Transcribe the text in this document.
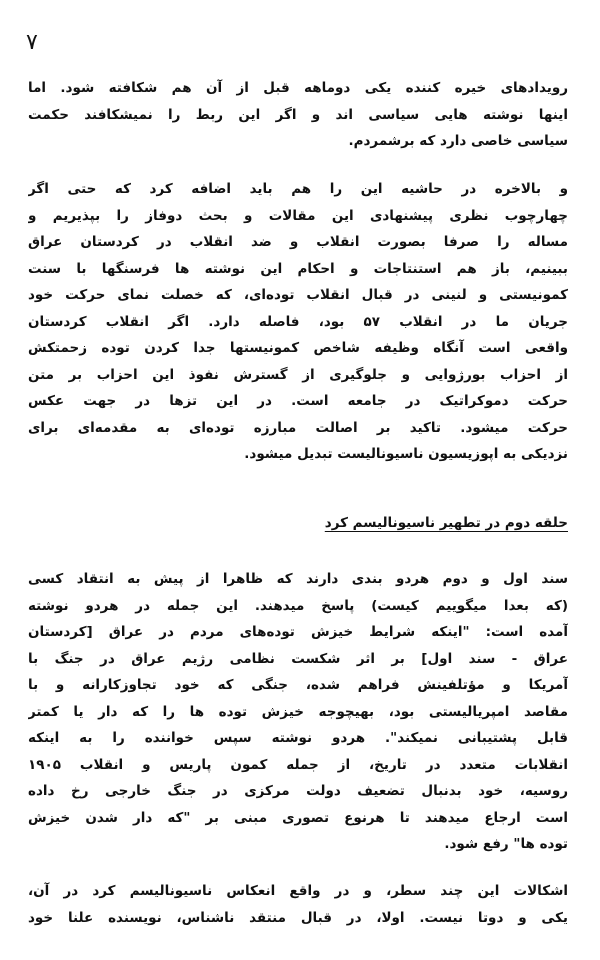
۷
رویدادهای خیره کننده یکی دوماهه قبل از آن هم شکافته شود. اما
اینها نوشته هایی سیاسی اند و اگر این ربط را نمیشکافند حکمت
سیاسی خاصی دارد که برشمردم.
و بالاخره در حاشیه این را هم باید اضافه کرد که حتی اگر
چهارچوب نظری پیشنهادی این مقالات و بحث دوفاز را بپذیریم و
مساله را صرفا بصورت انقلاب و ضد انقلاب در کردستان عراق
ببینیم، باز هم استنتاجات و احکام این نوشته ها فرسنگها با سنت
کمونیستی و لنینی در قبال انقلاب توده‌ای، که خصلت نمای حرکت خود
جریان ما در انقلاب ۵۷ بود، فاصله دارد. اگر انقلاب کردستان
واقعی است آنگاه وظیفه شاخص کمونیستها جدا کردن توده زحمتکش
از احزاب بورژوایی و جلوگیری از گسترش نفوذ این احزاب بر متن
حرکت دموکراتیک در جامعه است. در این تزها در جهت عکس
حرکت میشود. تاکید بر اصالت مبارزه توده‌ای به مقدمه‌ای برای
نزدیکی به اپوزیسیون ناسیونالیست تبدیل میشود.
حلقه دوم در تطهیر ناسیونالیسم کرد
سند اول و دوم هردو بندی دارند که ظاهرا از پیش به انتقاد کسی
(که بعدا میگوییم کیست) پاسخ میدهند. این جمله در هردو نوشته
آمده است: "اینکه شرایط خیزش توده‌های مردم در عراق [کردستان
عراق - سند اول] بر اثر شکست نظامی رژیم عراق در جنگ با
آمریکا و مؤتلفینش فراهم شده، جنگی که خود تجاوزکارانه و با
مقاصد امپریالیستی بود، بهیچوجه خیزش توده ها را که دار یا کمتر
قابل پشتیبانی نمیکند". هردو نوشته سپس خواننده را به اینکه
انقلابات متعدد در تاریخ، از جمله کمون پاریس و انقلاب ۱۹۰۵
روسیه، خود بدنبال تضعیف دولت مرکزی در جنگ خارجی رخ داده
است ارجاع میدهند تا هرنوع تصوری مبنی بر "که دار شدن خیزش
توده ها" رفع شود.
اشکالات این چند سطر، و در واقع انعکاس ناسیونالیسم کرد در آن،
یکی و دوتا نیست. اولا، در قبال منتقد ناشناس، نویسنده علنا خود
